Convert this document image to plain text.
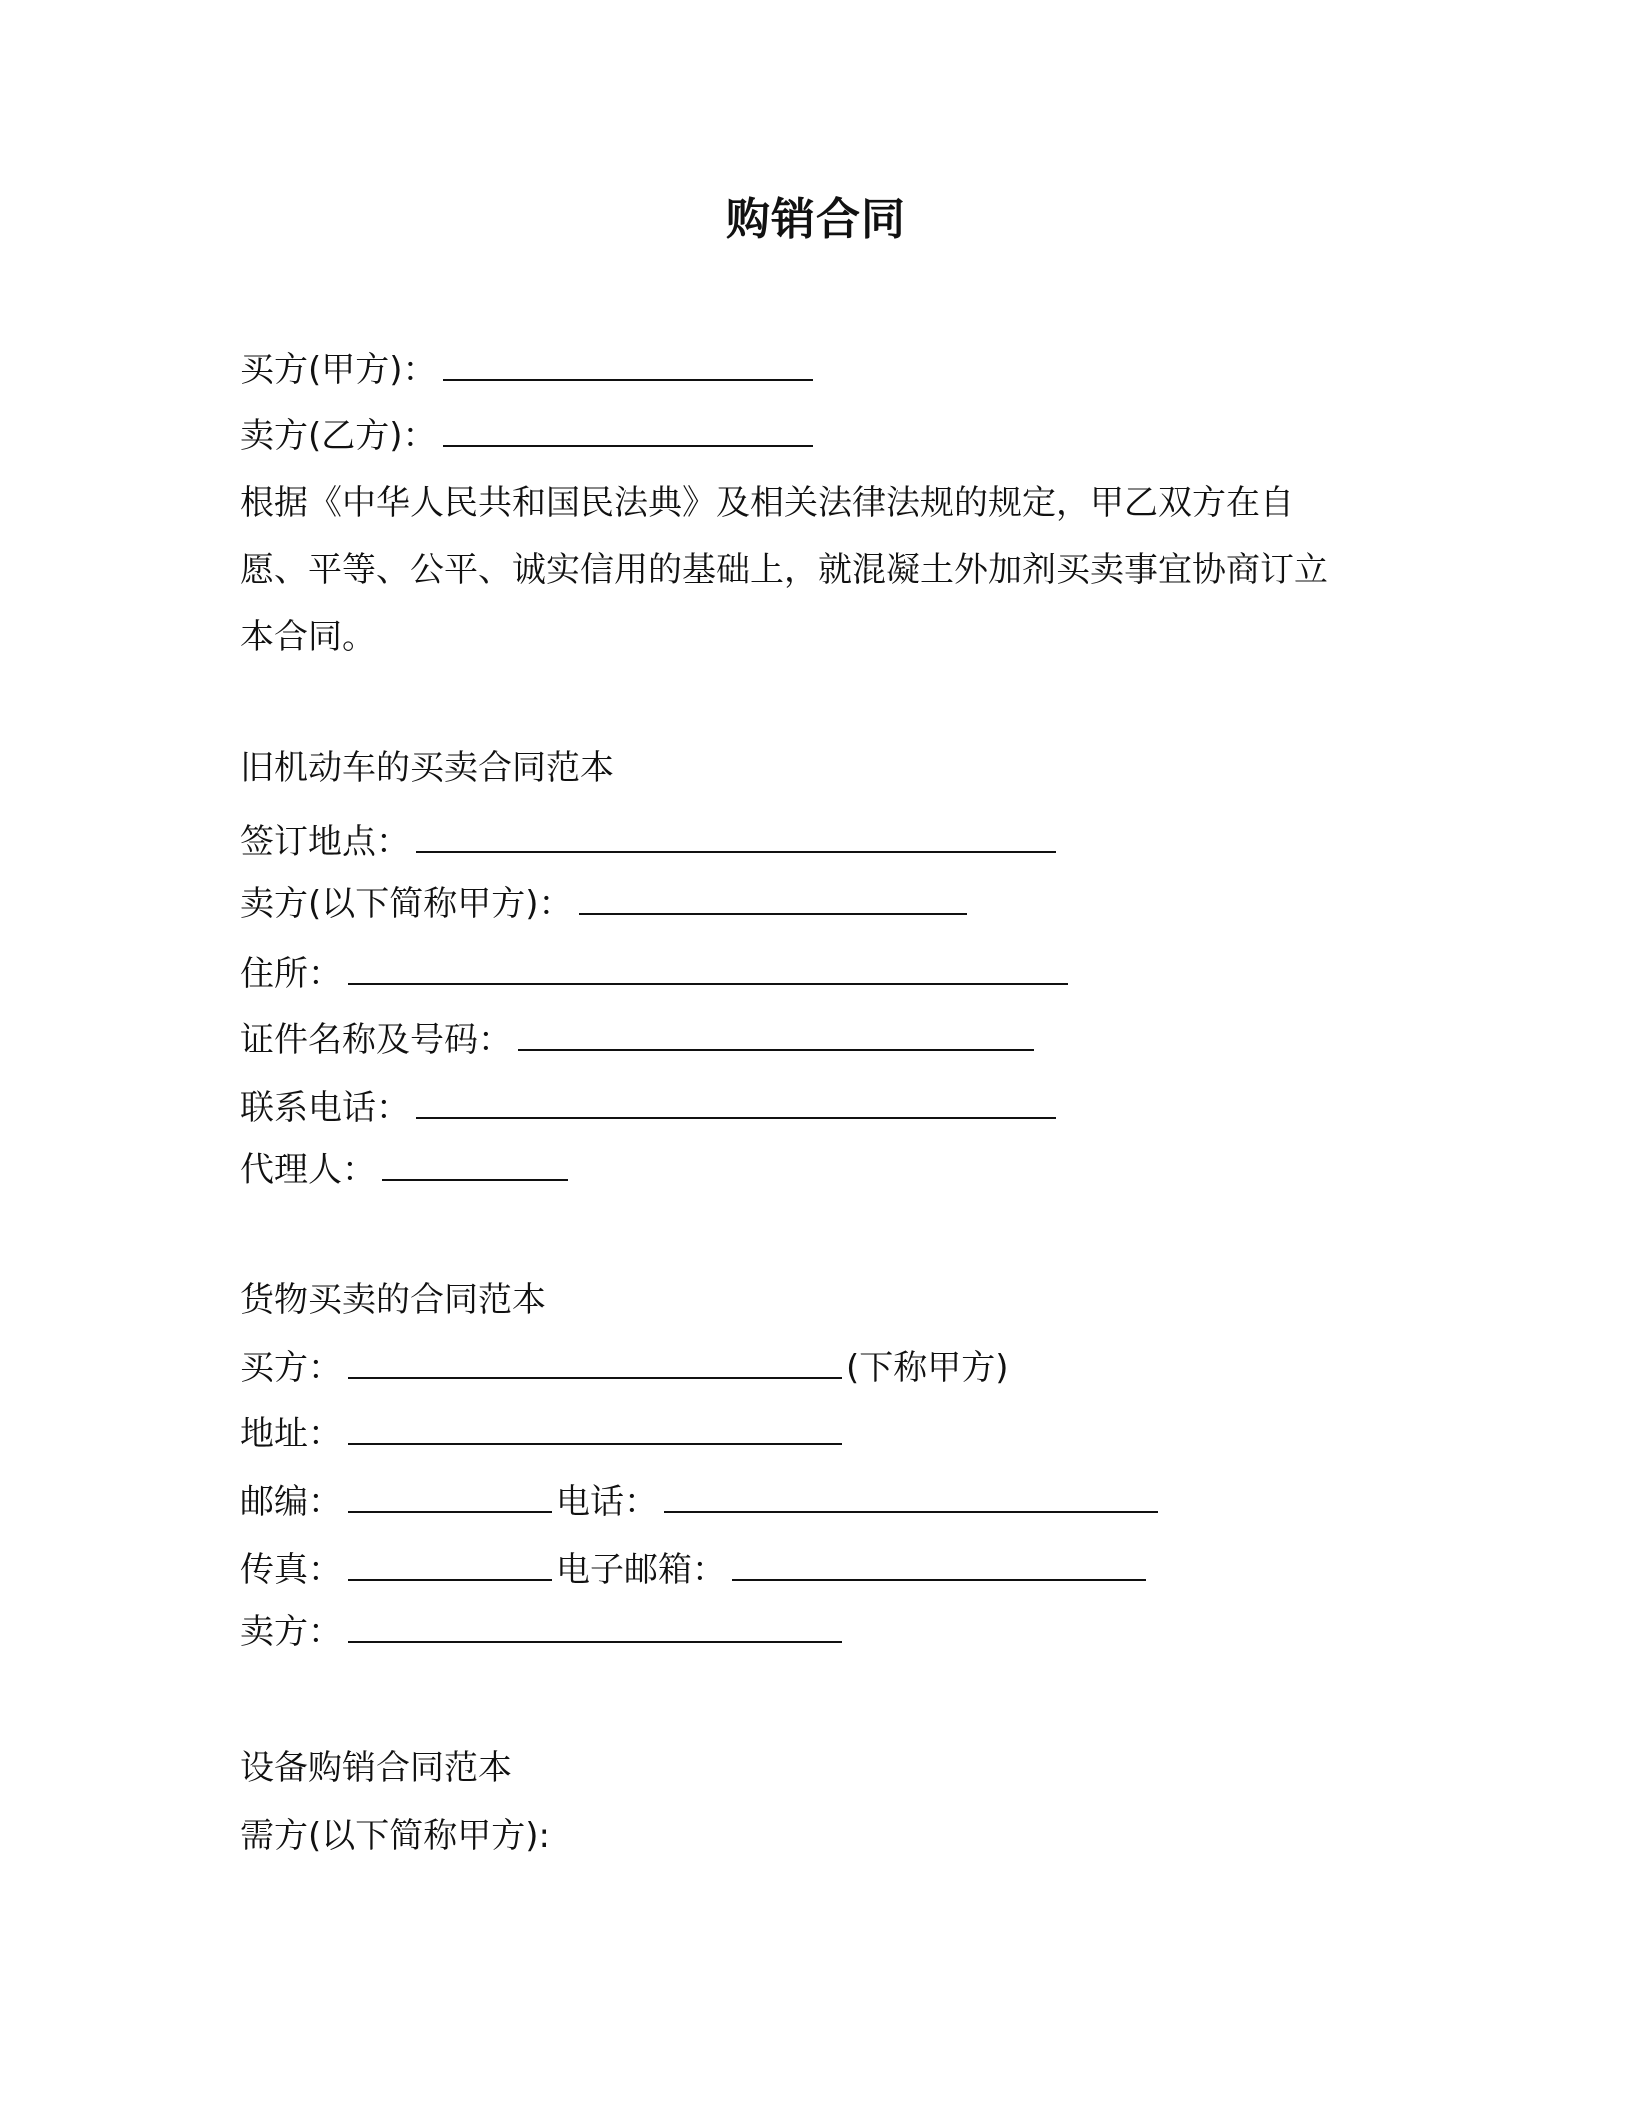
购销合同
买方(甲方)：
卖方(乙方)：
根据《中华人民共和国民法典》及相关法律法规的规定，甲乙双方在自愿、平等、公平、诚实信用的基础上，就混凝土外加剂买卖事宜协商订立本合同。
旧机动车的买卖合同范本
签订地点：
卖方(以下简称甲方)：
住所：
证件名称及号码：
联系电话：
代理人：
货物买卖的合同范本
买方：	(下称甲方)
地址：
邮编：	电话：
传真：	电子邮箱：
卖方：
设备购销合同范本
需方(以下简称甲方):
